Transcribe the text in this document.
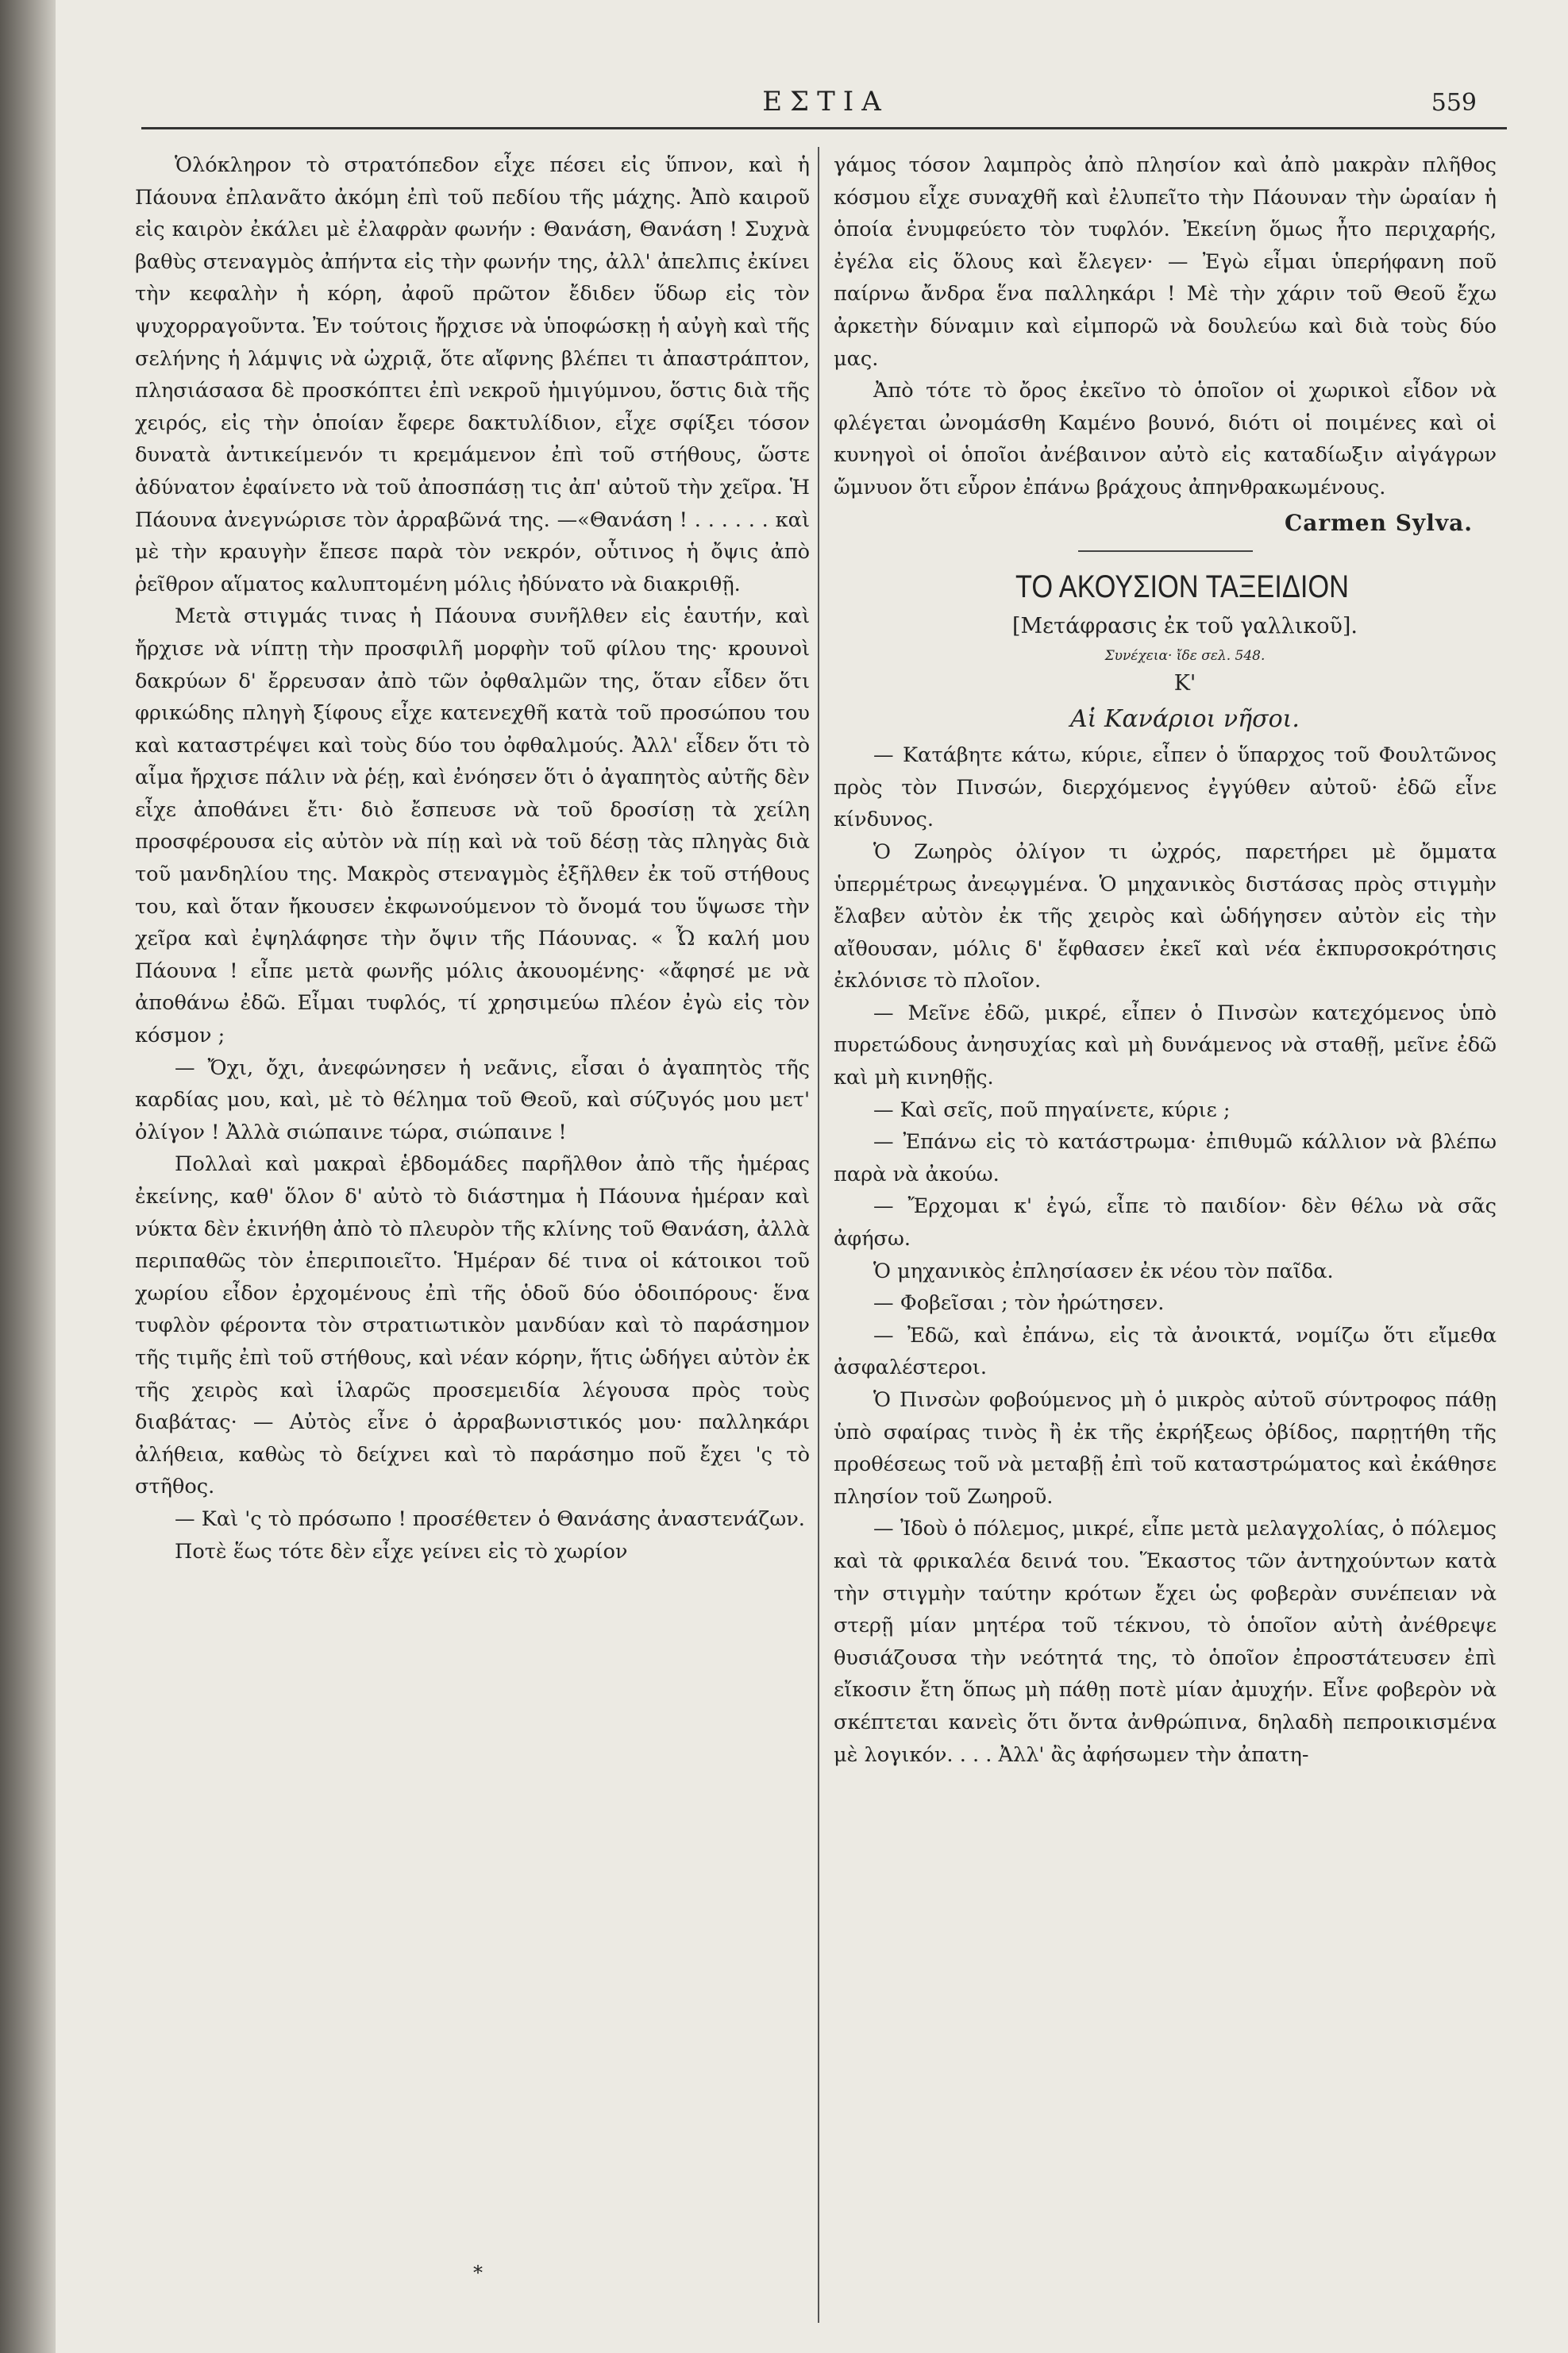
ΕΣΤΙΑ	559

Ὁλόκληρον τὸ στρατόπεδον εἶχε πέσει εἰς ὕπνον, καὶ ἡ Πάουνα ἐπλανᾶτο ἀκόμη ἐπὶ τοῦ πεδίου τῆς μάχης. Ἀπὸ καιροῦ εἰς καιρὸν ἐκάλει μὲ ἐλαφρὰν φωνήν : Θανάση, Θανάση ! Συχνὰ βαθὺς στεναγμὸς ἀπήντα εἰς τὴν φωνήν της, ἀλλ' ἀπελπις ἐκίνει τὴν κεφαλὴν ἡ κόρη, ἀφοῦ πρῶτον ἔδιδεν ὕδωρ εἰς τὸν ψυχορραγοῦντα. Ἐν τούτοις ἤρχισε νὰ ὑποφώσκῃ ἡ αὐγὴ καὶ τῆς σελήνης ἡ λάμψις νὰ ὠχριᾷ, ὅτε αἴφνης βλέπει τι ἀπαστράπτον, πλησιάσασα δὲ προσκόπτει ἐπὶ νεκροῦ ἡμιγύμνου, ὅστις διὰ τῆς χειρός, εἰς τὴν ὁποίαν ἔφερε δακτυλίδιον, εἶχε σφίξει τόσον δυνατὰ ἀντικείμενόν τι κρεμάμενον ἐπὶ τοῦ στήθους, ὥστε ἀδύνατον ἐφαίνετο νὰ τοῦ ἀποσπάσῃ τις ἀπ' αὐτοῦ τὴν χεῖρα. Ἡ Πάουνα ἀνεγνώρισε τὸν ἀρραβῶνά της. —«Θανάση ! . . . . . . καὶ μὲ τὴν κραυγὴν ἔπεσε παρὰ τὸν νεκρόν, οὗτινος ἡ ὄψις ἀπὸ ῥεῖθρον αἵματος καλυπτομένη μόλις ἠδύνατο νὰ διακριθῇ.

Μετὰ στιγμάς τινας ἡ Πάουνα συνῆλθεν εἰς ἑαυτήν, καὶ ἤρχισε νὰ νίπτῃ τὴν προσφιλῆ μορφὴν τοῦ φίλου της· κρουνοὶ δακρύων δ' ἔρρευσαν ἀπὸ τῶν ὀφθαλμῶν της, ὅταν εἶδεν ὅτι φρικώδης πληγὴ ξίφους εἶχε κατενεχθῆ κατὰ τοῦ προσώπου του καὶ καταστρέψει καὶ τοὺς δύο του ὀφθαλμούς. Ἀλλ' εἶδεν ὅτι τὸ αἷμα ἤρχισε πάλιν νὰ ῥέῃ, καὶ ἐνόησεν ὅτι ὁ ἀγαπητὸς αὐτῆς δὲν εἶχε ἀποθάνει ἔτι· διὸ ἔσπευσε νὰ τοῦ δροσίσῃ τὰ χείλη προσφέρουσα εἰς αὐτὸν νὰ πίῃ καὶ νὰ τοῦ δέσῃ τὰς πληγὰς διὰ τοῦ μανδηλίου της. Μακρὸς στεναγμὸς ἐξῆλθεν ἐκ τοῦ στήθους του, καὶ ὅταν ἤκουσεν ἐκφωνούμενον τὸ ὄνομά του ὕψωσε τὴν χεῖρα καὶ ἐψηλάφησε τὴν ὄψιν τῆς Πάουνας. « Ὦ καλή μου Πάουνα ! εἶπε μετὰ φωνῆς μόλις ἀκουομένης· «ἄφησέ με νὰ ἀποθάνω ἐδῶ. Εἶμαι τυφλός, τί χρησιμεύω πλέον ἐγὼ εἰς τὸν κόσμον ;

— Ὄχι, ὄχι, ἀνεφώνησεν ἡ νεᾶνις, εἶσαι ὁ ἀγαπητὸς τῆς καρδίας μου, καὶ, μὲ τὸ θέλημα τοῦ Θεοῦ, καὶ σύζυγός μου μετ' ὀλίγον ! Ἀλλὰ σιώπαινε τώρα, σιώπαινε !

Πολλαὶ καὶ μακραὶ ἑβδομάδες παρῆλθον ἀπὸ τῆς ἡμέρας ἐκείνης, καθ' ὅλον δ' αὐτὸ τὸ διάστημα ἡ Πάουνα ἡμέραν καὶ νύκτα δὲν ἐκινήθη ἀπὸ τὸ πλευρὸν τῆς κλίνης τοῦ Θανάση, ἀλλὰ περιπαθῶς τὸν ἐπεριποιεῖτο. Ἡμέραν δέ τινα οἱ κάτοικοι τοῦ χωρίου εἶδον ἐρχομένους ἐπὶ τῆς ὁδοῦ δύο ὁδοιπόρους· ἕνα τυφλὸν φέροντα τὸν στρατιωτικὸν μανδύαν καὶ τὸ παράσημον τῆς τιμῆς ἐπὶ τοῦ στήθους, καὶ νέαν κόρην, ἥτις ὡδήγει αὐτὸν ἐκ τῆς χειρὸς καὶ ἱλαρῶς προσεμειδία λέγουσα πρὸς τοὺς διαβάτας· — Αὐτὸς εἶνε ὁ ἀρραβωνιστικός μου· παλληκάρι ἀλήθεια, καθὼς τὸ δείχνει καὶ τὸ παράσημο ποῦ ἔχει 'ς τὸ στῆθος.

— Καὶ 'ς τὸ πρόσωπο ! προσέθετεν ὁ Θανάσης ἀναστενάζων.

Ποτὲ ἕως τότε δὲν εἶχε γείνει εἰς τὸ χωρίον

γάμος τόσον λαμπρὸς ἀπὸ πλησίον καὶ ἀπὸ μακρὰν πλῆθος κόσμου εἶχε συναχθῆ καὶ ἐλυπεῖτο τὴν Πάουναν τὴν ὡραίαν ἡ ὁποία ἐνυμφεύετο τὸν τυφλόν. Ἐκείνη ὅμως ἦτο περιχαρής, ἐγέλα εἰς ὅλους καὶ ἔλεγεν· — Ἐγὼ εἶμαι ὑπερήφανη ποῦ παίρνω ἄνδρα ἕνα παλληκάρι ! Μὲ τὴν χάριν τοῦ Θεοῦ ἔχω ἀρκετὴν δύναμιν καὶ εἰμπορῶ νὰ δουλεύω καὶ διὰ τοὺς δύο μας.

Ἀπὸ τότε τὸ ὄρος ἐκεῖνο τὸ ὁποῖον οἱ χωρικοὶ εἶδον νὰ φλέγεται ὠνομάσθη Καμένο βουνό, διότι οἱ ποιμένες καὶ οἱ κυνηγοὶ οἱ ὁποῖοι ἀνέβαινον αὐτὸ εἰς καταδίωξιν αἰγάγρων ὤμνυον ὅτι εὗρον ἐπάνω βράχους ἀπηνθρακωμένους.

Carmen Sylva.

ΤΟ ΑΚΟΥΣΙΟΝ ΤΑΞΕΙΔΙΟΝ

[Μετάφρασις ἐκ τοῦ γαλλικοῦ].

Συνέχεια· ἴδε σελ. 548.

Κ'

Αἱ Κανάριοι νῆσοι.

— Κατάβητε κάτω, κύριε, εἶπεν ὁ ὕπαρχος τοῦ Φουλτῶνος πρὸς τὸν Πινσών, διερχόμενος ἐγγύθεν αὐτοῦ· ἐδῶ εἶνε κίνδυνος.

Ὁ Ζωηρὸς ὀλίγον τι ὠχρός, παρετήρει μὲ ὄμματα ὑπερμέτρως ἀνεῳγμένα. Ὁ μηχανικὸς διστάσας πρὸς στιγμὴν ἔλαβεν αὐτὸν ἐκ τῆς χειρὸς καὶ ὡδήγησεν αὐτὸν εἰς τὴν αἴθουσαν, μόλις δ' ἔφθασεν ἐκεῖ καὶ νέα ἐκπυρσοκρότησις ἐκλόνισε τὸ πλοῖον.

— Μεῖνε ἐδῶ, μικρέ, εἶπεν ὁ Πινσὼν κατεχόμενος ὑπὸ πυρετώδους ἀνησυχίας καὶ μὴ δυνάμενος νὰ σταθῇ, μεῖνε ἐδῶ καὶ μὴ κινηθῇς.

— Καὶ σεῖς, ποῦ πηγαίνετε, κύριε ;

— Ἐπάνω εἰς τὸ κατάστρωμα· ἐπιθυμῶ κάλλιον νὰ βλέπω παρὰ νὰ ἀκούω.

— Ἔρχομαι κ' ἐγώ, εἶπε τὸ παιδίον· δὲν θέλω νὰ σᾶς ἀφήσω.

Ὁ μηχανικὸς ἐπλησίασεν ἐκ νέου τὸν παῖδα.

— Φοβεῖσαι ; τὸν ἠρώτησεν.

— Ἐδῶ, καὶ ἐπάνω, εἰς τὰ ἀνοικτά, νομίζω ὅτι εἴμεθα ἀσφαλέστεροι.

Ὁ Πινσὼν φοβούμενος μὴ ὁ μικρὸς αὐτοῦ σύντροφος πάθῃ ὑπὸ σφαίρας τινὸς ἢ ἐκ τῆς ἐκρήξεως ὀβίδος, παρῃτήθη τῆς προθέσεως τοῦ νὰ μεταβῇ ἐπὶ τοῦ καταστρώματος καὶ ἐκάθησε πλησίον τοῦ Ζωηροῦ.

— Ἰδοὺ ὁ πόλεμος, μικρέ, εἶπε μετὰ μελαγχολίας, ὁ πόλεμος καὶ τὰ φρικαλέα δεινά του. Ἕκαστος τῶν ἀντηχούντων κατὰ τὴν στιγμὴν ταύτην κρότων ἔχει ὡς φοβερὰν συνέπειαν νὰ στερῇ μίαν μητέρα τοῦ τέκνου, τὸ ὁποῖον αὐτὴ ἀνέθρεψε θυσιάζουσα τὴν νεότητά της, τὸ ὁποῖον ἐπροστάτευσεν ἐπὶ εἴκοσιν ἔτη ὅπως μὴ πάθῃ ποτὲ μίαν ἀμυχήν. Εἶνε φοβερὸν νὰ σκέπτεται κανεὶς ὅτι ὄντα ἀνθρώπινα, δηλαδὴ πεπροικισμένα μὲ λογικόν. . . . Ἀλλ' ἂς ἀφήσωμεν τὴν ἀπατη-

*
